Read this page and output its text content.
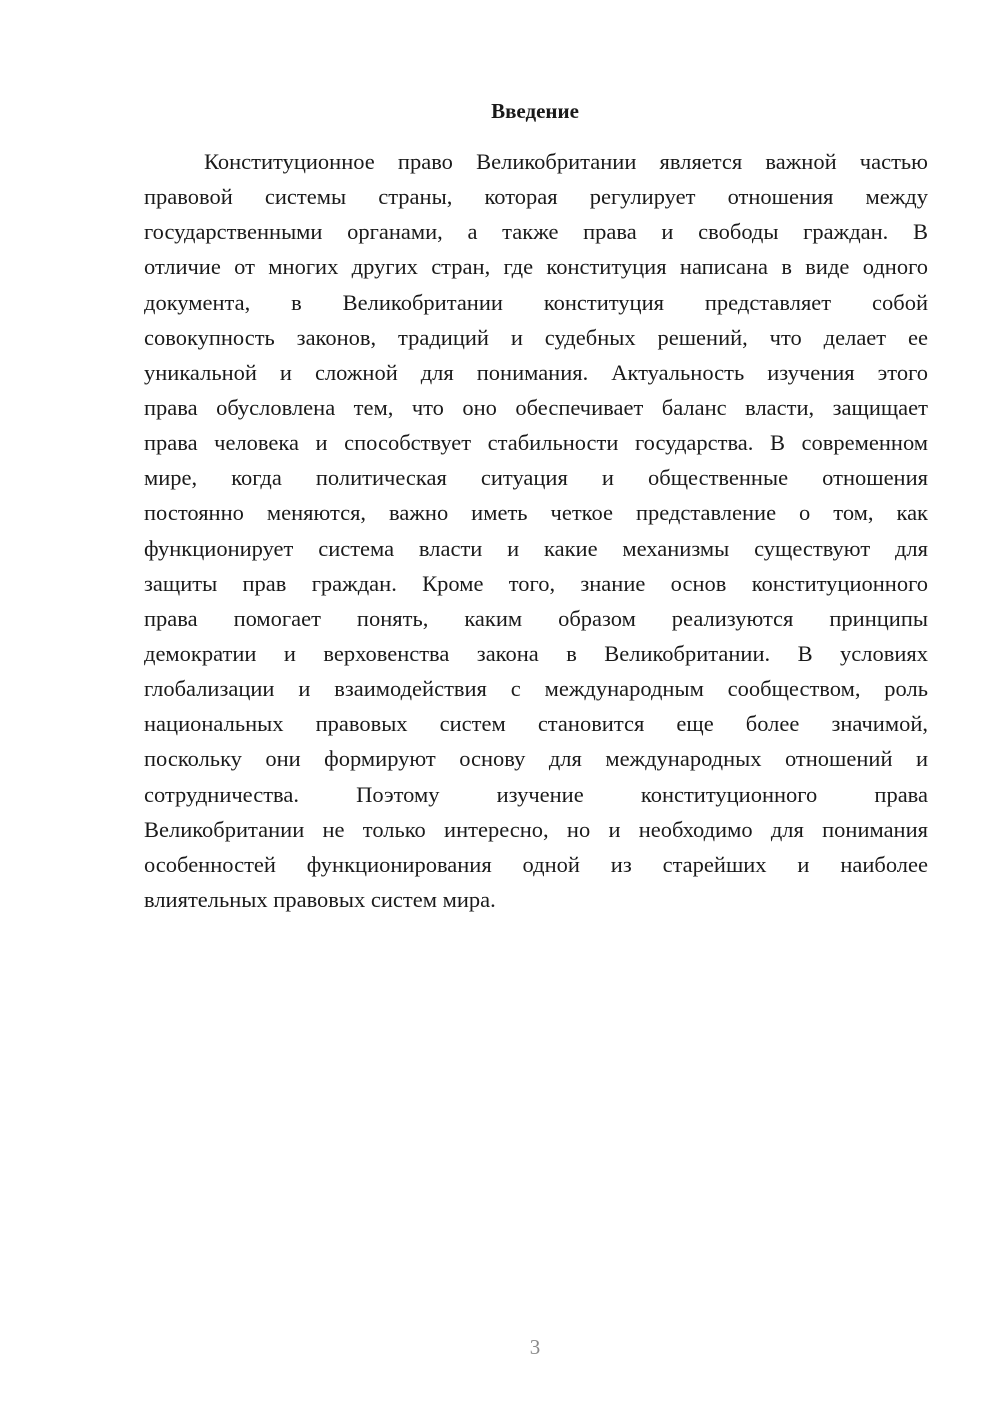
Введение

Конституционное право Великобритании является важной частью
правовой системы страны, которая регулирует отношения между
государственными органами, а также права и свободы граждан. В
отличие от многих других стран, где конституция написана в виде одного
документа, в Великобритании конституция представляет собой
совокупность законов, традиций и судебных решений, что делает ее
уникальной и сложной для понимания. Актуальность изучения этого
права обусловлена тем, что оно обеспечивает баланс власти, защищает
права человека и способствует стабильности государства. В современном
мире, когда политическая ситуация и общественные отношения
постоянно меняются, важно иметь четкое представление о том, как
функционирует система власти и какие механизмы существуют для
защиты прав граждан. Кроме того, знание основ конституционного
права помогает понять, каким образом реализуются принципы
демократии и верховенства закона в Великобритании. В условиях
глобализации и взаимодействия с международным сообществом, роль
национальных правовых систем становится еще более значимой,
поскольку они формируют основу для международных отношений и
сотрудничества. Поэтому изучение конституционного права
Великобритании не только интересно, но и необходимо для понимания
особенностей функционирования одной из старейших и наиболее
влиятельных правовых систем мира.

3
